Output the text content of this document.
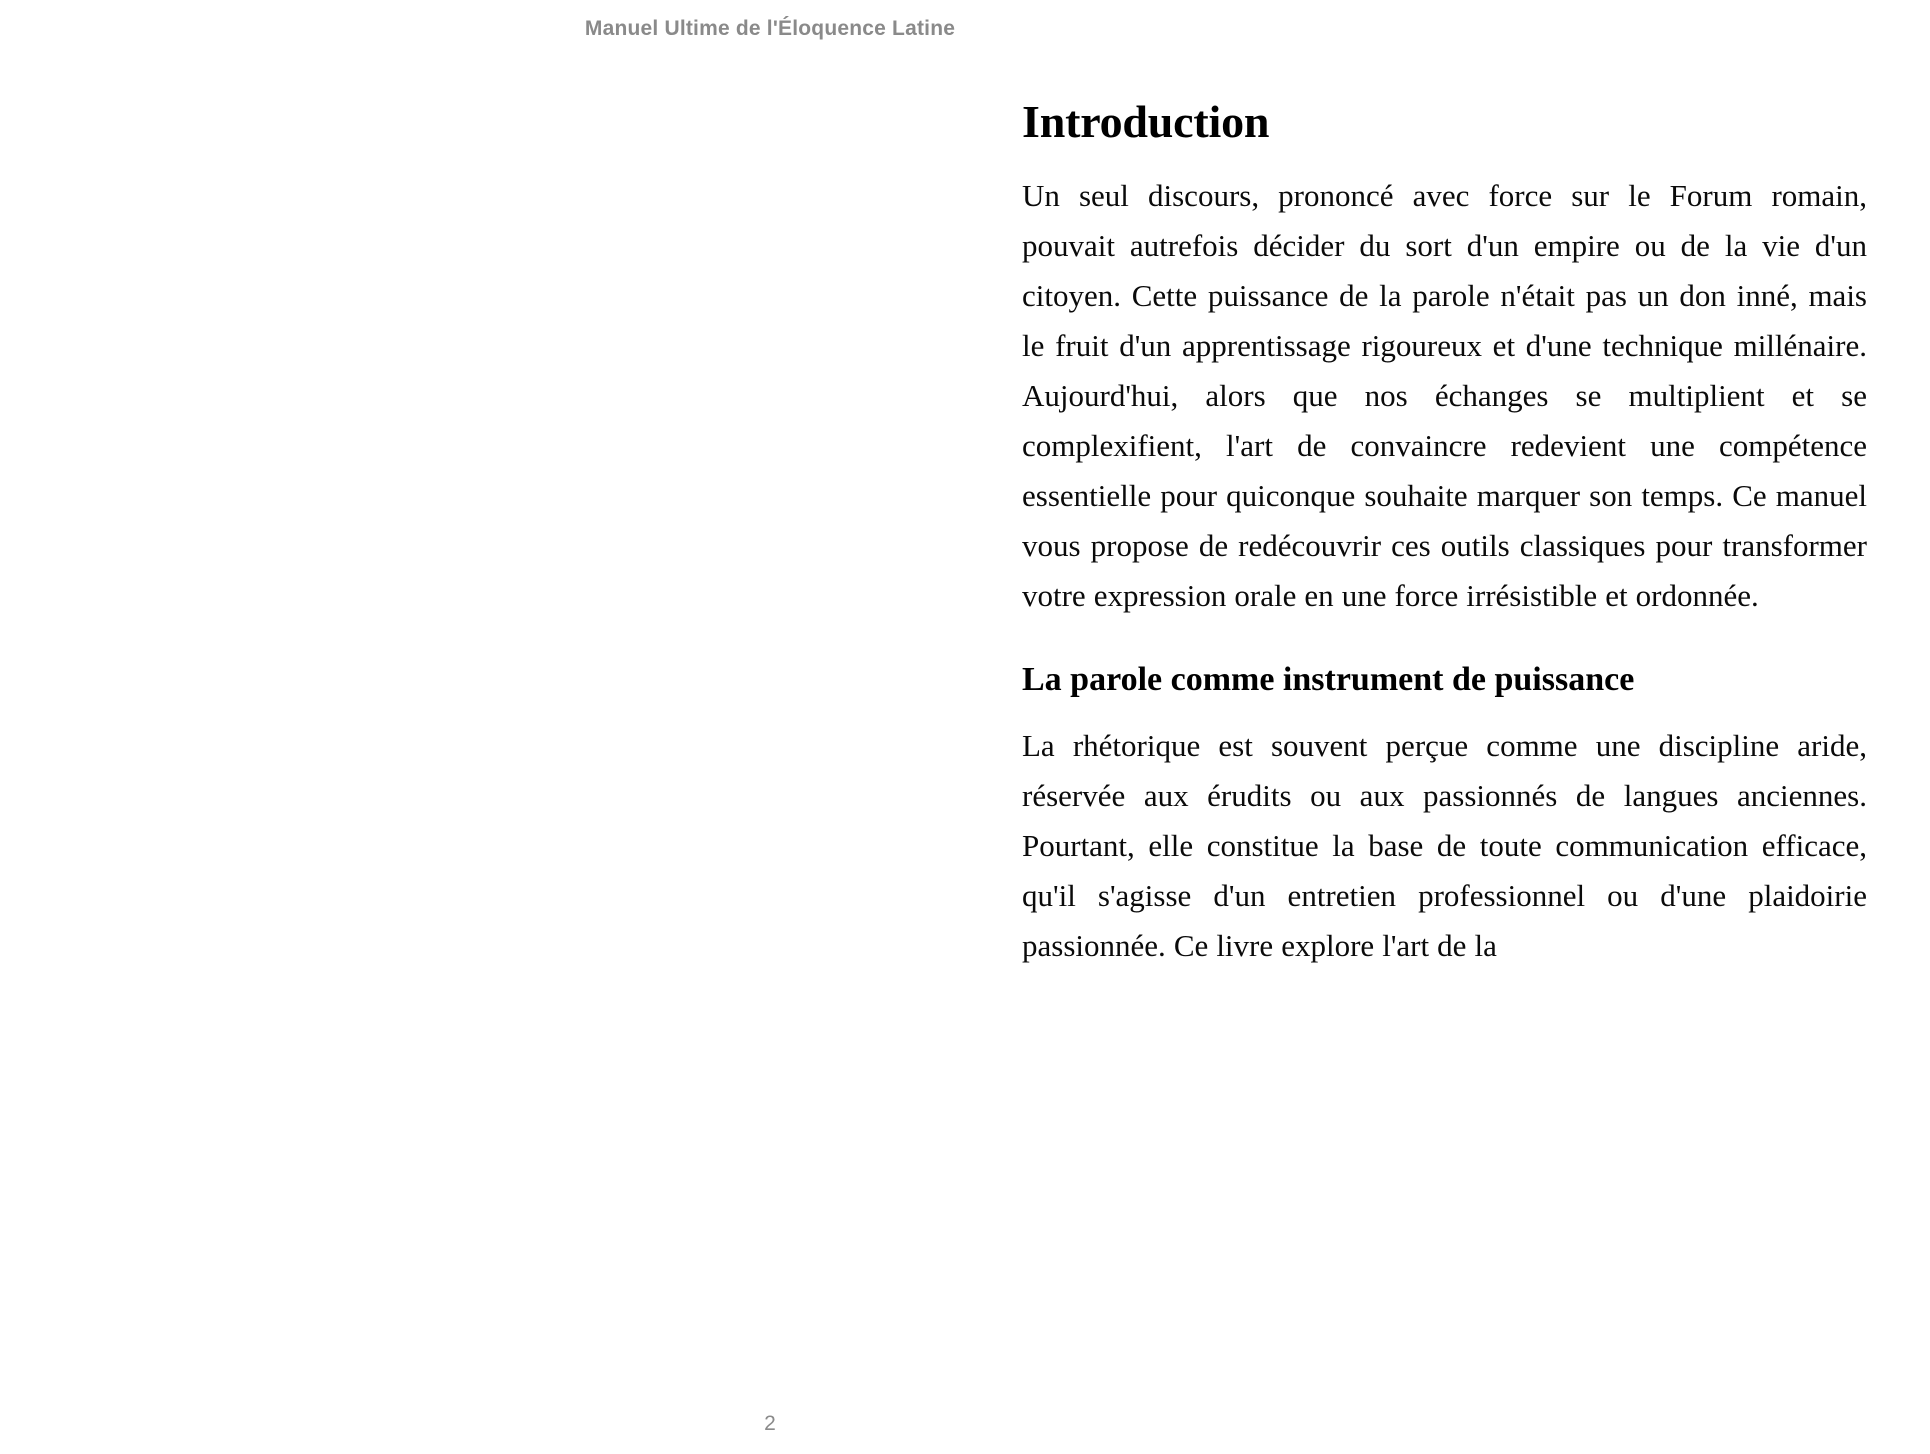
Manuel Ultime de l'Éloquence Latine
Introduction

Un seul discours, prononcé avec force sur le Forum romain, pouvait autrefois décider du sort d'un empire ou de la vie d'un citoyen. Cette puissance de la parole n'était pas un don inné, mais le fruit d'un apprentissage rigoureux et d'une technique millénaire. Aujourd'hui, alors que nos échanges se multiplient et se complexifient, l'art de convaincre redevient une compétence essentielle pour quiconque souhaite marquer son temps. Ce manuel vous propose de redécouvrir ces outils classiques pour transformer votre expression orale en une force irrésistible et ordonnée.

La parole comme instrument de puissance

La rhétorique est souvent perçue comme une discipline aride, réservée aux érudits ou aux passionnés de langues anciennes. Pourtant, elle constitue la base de toute communication efficace, qu'il s'agisse d'un entretien professionnel ou d'une plaidoirie passionnée. Ce livre explore l'art de la

2
